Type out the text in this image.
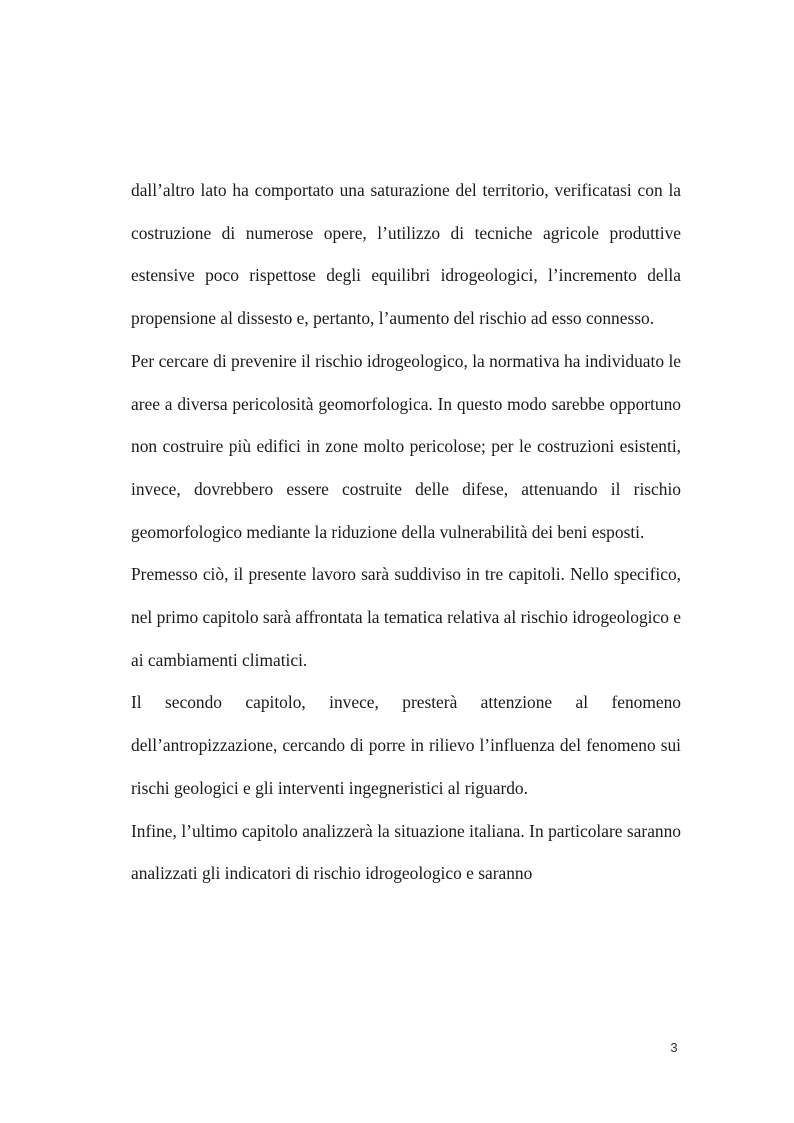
dall’altro lato ha comportato una saturazione del territorio, verificatasi con la costruzione di numerose opere, l’utilizzo di tecniche agricole produttive estensive poco rispettose degli equilibri idrogeologici, l’incremento della propensione al dissesto e, pertanto, l’aumento del rischio ad esso connesso.

Per cercare di prevenire il rischio idrogeologico, la normativa ha individuato le aree a diversa pericolosità geomorfologica. In questo modo sarebbe opportuno non costruire più edifici in zone molto pericolose; per le costruzioni esistenti, invece, dovrebbero essere costruite delle difese, attenuando il rischio geomorfologico mediante la riduzione della vulnerabilità dei beni esposti.

Premesso ciò, il presente lavoro sarà suddiviso in tre capitoli. Nello specifico, nel primo capitolo sarà affrontata la tematica relativa al rischio idrogeologico e ai cambiamenti climatici.

Il secondo capitolo, invece, presterà attenzione al fenomeno dell’antropizzazione, cercando di porre in rilievo l’influenza del fenomeno sui rischi geologici e gli interventi ingegneristici al riguardo.

Infine, l’ultimo capitolo analizzerà la situazione italiana. In particolare saranno analizzati gli indicatori di rischio idrogeologico e saranno

3
